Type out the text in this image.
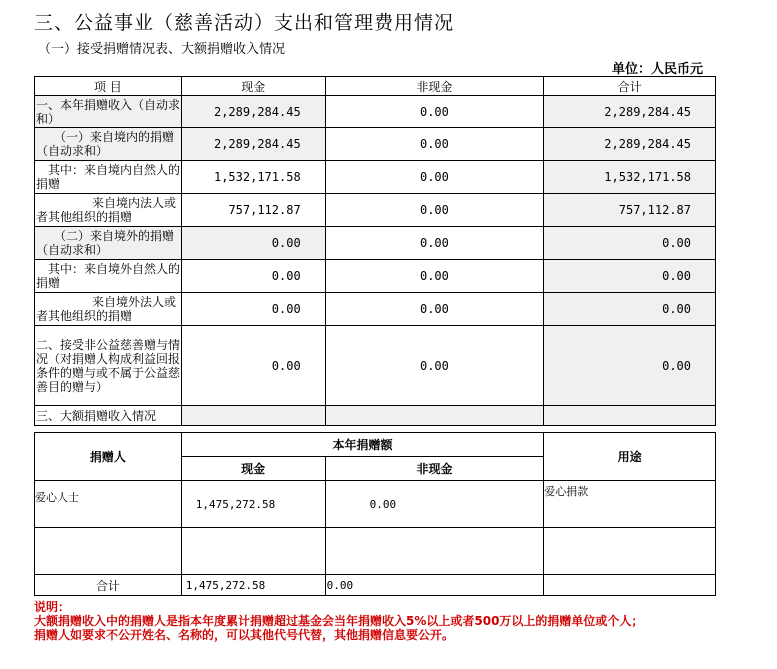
三、公益事业（慈善活动）支出和管理费用情况
（一）接受捐赠情况表、大额捐赠收入情况
单位：人民币元
项 目	现金	非现金	合计
一、本年捐赠收入（自动求和）	2,289,284.45	0.00	2,289,284.45
（一）来自境内的捐赠（自动求和）	2,289,284.45	0.00	2,289,284.45
其中：来自境内自然人的捐赠	1,532,171.58	0.00	1,532,171.58
来自境内法人或者其他组织的捐赠	757,112.87	0.00	757,112.87
（二）来自境外的捐赠（自动求和）	0.00	0.00	0.00
其中：来自境外自然人的捐赠	0.00	0.00	0.00
来自境外法人或者其他组织的捐赠	0.00	0.00	0.00
二、接受非公益慈善赠与情况（对捐赠人构成利益回报条件的赠与或不属于公益慈善目的赠与）	0.00	0.00	0.00
三、大额捐赠收入情况			
捐赠人	本年捐赠额		用途
	现金	非现金	
爱心人士	1,475,272.58	0.00	爱心捐款

合计	1,475,272.58	0.00	
说明：
大额捐赠收入中的捐赠人是指本年度累计捐赠超过基金会当年捐赠收入5%以上或者500万以上的捐赠单位或个人；
捐赠人如要求不公开姓名、名称的，可以其他代号代替，其他捐赠信息要公开。
